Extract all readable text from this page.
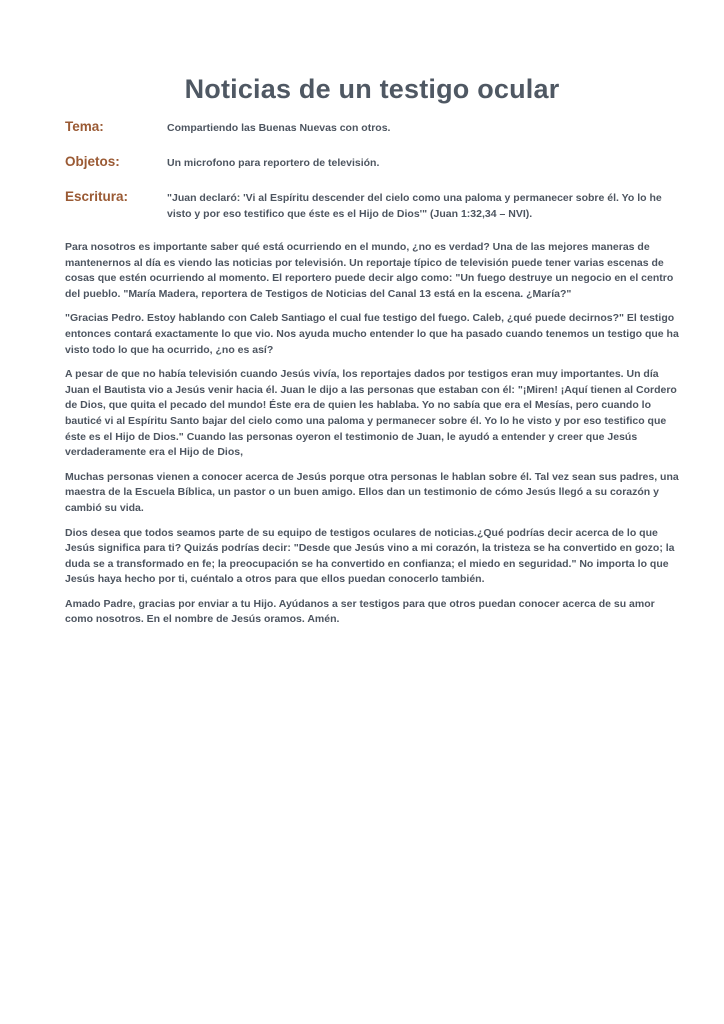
Noticias de un testigo ocular
Tema:	Compartiendo las Buenas Nuevas con otros.
Objetos:	Un microfono para reportero de televisión.
Escritura:	"Juan declaró: 'Vi al Espíritu descender del cielo como una paloma y permanecer sobre él. Yo lo he visto y por eso testifico que éste es el Hijo de Dios'" (Juan 1:32,34 – NVI).

Para nosotros es importante saber qué está ocurriendo en el mundo, ¿no es verdad? Una de las mejores maneras de mantenernos al día es viendo las noticias por televisión. Un reportaje típico de televisión puede tener varias escenas de cosas que estén ocurriendo al momento. El reportero puede decir algo como: "Un fuego destruye un negocio en el centro del pueblo. "María Madera, reportera de Testigos de Noticias del Canal 13 está en la escena. ¿María?"

"Gracias Pedro. Estoy hablando con Caleb Santiago el cual fue testigo del fuego. Caleb, ¿qué puede decirnos?" El testigo entonces contará exactamente lo que vio. Nos ayuda mucho entender lo que ha pasado cuando tenemos un testigo que ha visto todo lo que ha ocurrido, ¿no es así?

A pesar de que no había televisión cuando Jesús vivía, los reportajes dados por testigos eran muy importantes. Un día Juan el Bautista vio a Jesús venir hacia él. Juan le dijo a las personas que estaban con él: "¡Miren! ¡Aquí tienen al Cordero de Dios, que quita el pecado del mundo! Éste era de quien les hablaba. Yo no sabía que era el Mesías, pero cuando lo bauticé vi al Espíritu Santo bajar del cielo como una paloma y permanecer sobre él. Yo lo he visto y por eso testifico que éste es el Hijo de Dios." Cuando las personas oyeron el testimonio de Juan, le ayudó a entender y creer que Jesús verdaderamente era el Hijo de Dios,

Muchas personas vienen a conocer acerca de Jesús porque otra personas le hablan sobre él. Tal vez sean sus padres, una maestra de la Escuela Bíblica, un pastor o un buen amigo. Ellos dan un testimonio de cómo Jesús llegó a su corazón y cambió su vida.

Dios desea que todos seamos parte de su equipo de testigos oculares de noticias.¿Qué podrías decir acerca de lo que Jesús significa para ti? Quizás podrías decir: "Desde que Jesús vino a mi corazón, la tristeza se ha convertido en gozo; la duda se a transformado en fe; la preocupación se ha convertido en confianza; el miedo en seguridad." No importa lo que Jesús haya hecho por ti, cuéntalo a otros para que ellos puedan conocerlo también.

Amado Padre, gracias por enviar a tu Hijo. Ayúdanos a ser testigos para que otros puedan conocer acerca de su amor como nosotros. En el nombre de Jesús oramos. Amén.
